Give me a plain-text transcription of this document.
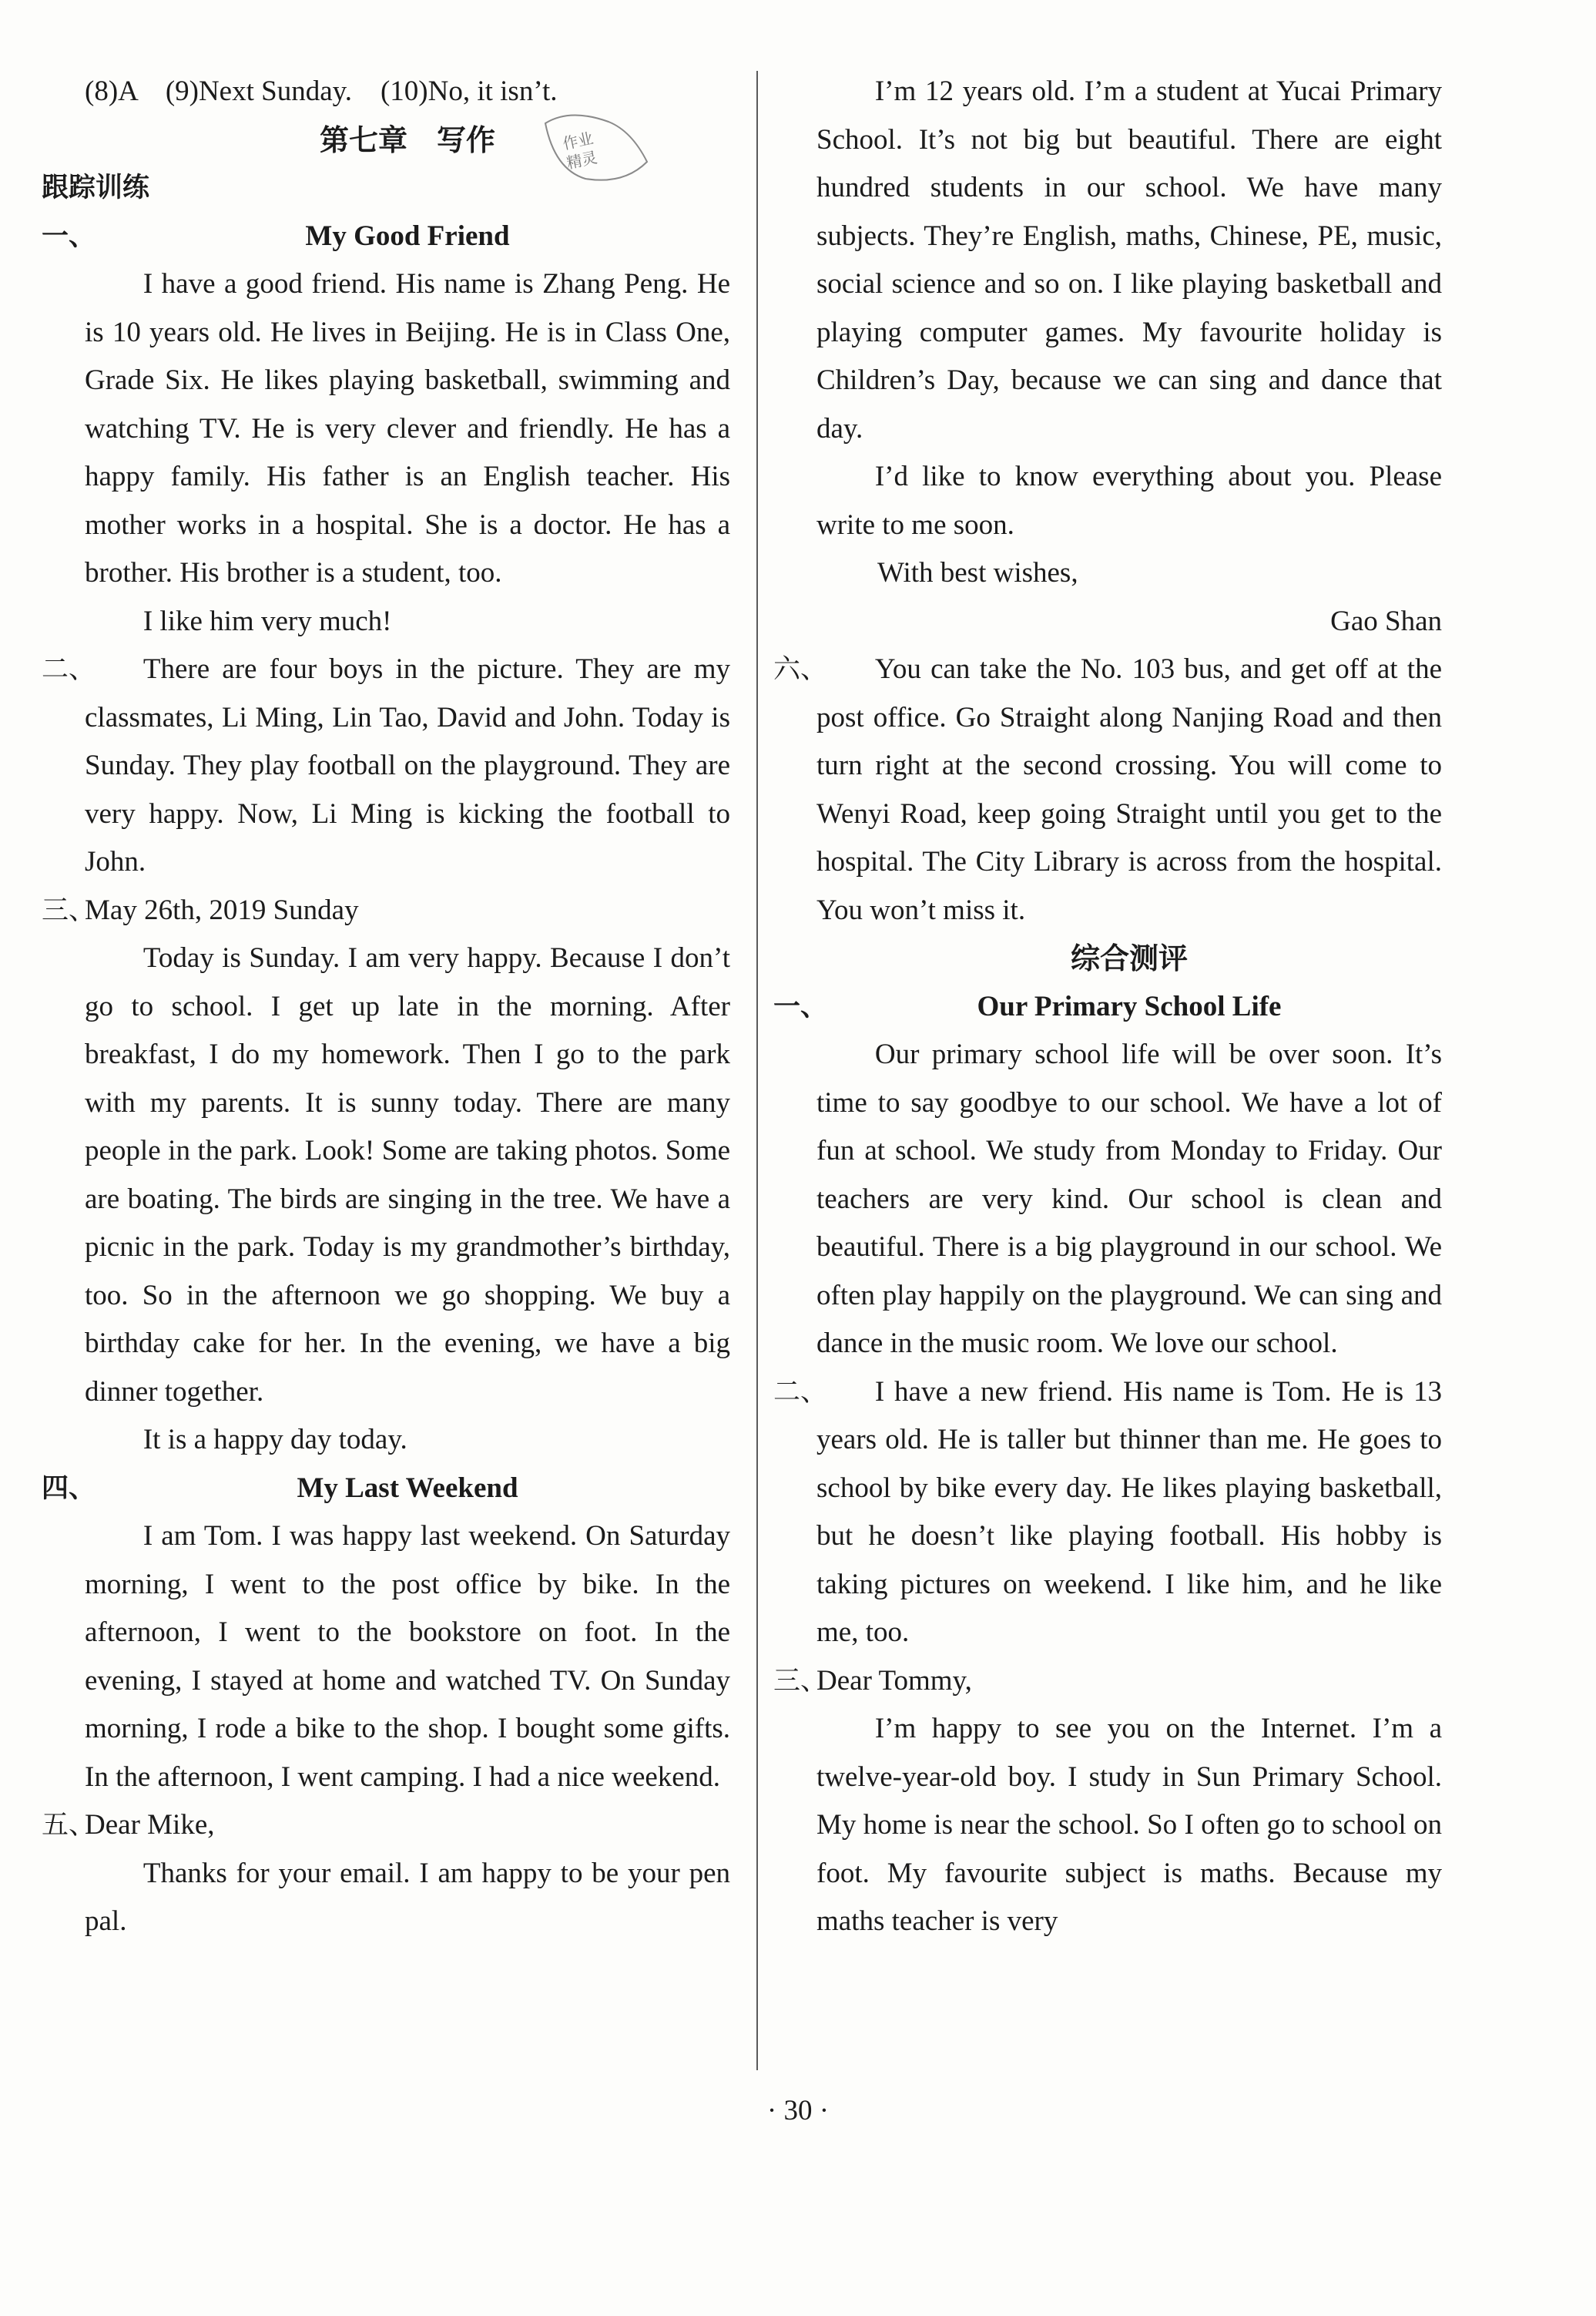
作业
精灵

(8)A　(9)Next Sunday.　(10)No, it isn’t.

第七章　写作

跟踪训练

一、	My Good Friend

I have a good friend. His name is Zhang Peng. He is 10 years old. He lives in Beijing. He is in Class One, Grade Six. He likes playing basketball, swimming and watching TV. He is very clever and friendly. He has a happy family. His father is an English teacher. His mother works in a hospital. She is a doctor. He has a brother. His brother is a student, too.

I like him very much!

二、	There are four boys in the picture. They are my classmates, Li Ming, Lin Tao, David and John. Today is Sunday. They play football on the playground. They are very happy. Now, Li Ming is kicking the football to John.

三、

May 26th, 2019 Sunday

Today is Sunday. I am very happy. Because I don’t go to school. I get up late in the morning. After breakfast, I do my homework. Then I go to the park with my parents. It is sunny today. There are many people in the park. Look! Some are taking photos. Some are boating. The birds are singing in the tree. We have a picnic in the park. Today is my grandmother’s birthday, too. So in the afternoon we go shopping. We buy a birthday cake for her. In the evening, we have a big dinner together.

It is a happy day today.

四、	My Last Weekend

I am Tom. I was happy last weekend. On Saturday morning, I went to the post office by bike. In the afternoon, I went to the bookstore on foot. In the evening, I stayed at home and watched TV. On Sunday morning, I rode a bike to the shop. I bought some gifts. In the afternoon, I went camping. I had a nice weekend.

五、

Dear Mike,

Thanks for your email. I am happy to be your pen pal.

I’m 12 years old. I’m a student at Yucai Primary School. It’s not big but beautiful. There are eight hundred students in our school. We have many subjects. They’re English, maths, Chinese, PE, music, social science and so on. I like playing basketball and playing computer games. My favourite holiday is Children’s Day, because we can sing and dance that day.

I’d like to know everything about you. Please write to me soon.

With best wishes,

Gao Shan

六、	You can take the No. 103 bus, and get off at the post office. Go Straight along Nanjing Road and then turn right at the second crossing. You will come to Wenyi Road, keep going Straight until you get to the hospital. The City Library is across from the hospital. You won’t miss it.

综合测评

一、	Our Primary School Life

Our primary school life will be over soon. It’s time to say goodbye to our school. We have a lot of fun at school. We study from Monday to Friday. Our teachers are very kind. Our school is clean and beautiful. There is a big playground in our school. We often play happily on the playground. We can sing and dance in the music room. We love our school.

二、	I have a new friend. His name is Tom. He is 13 years old. He is taller but thinner than me. He goes to school by bike every day. He likes playing basketball, but he doesn’t like playing football. His hobby is taking pictures on weekend. I like him, and he like me, too.

三、

Dear Tommy,

I’m happy to see you on the Internet. I’m a twelve-year-old boy. I study in Sun Primary School. My home is near the school. So I often go to school on foot. My favourite subject is maths. Because my maths teacher is very

· 30 ·
